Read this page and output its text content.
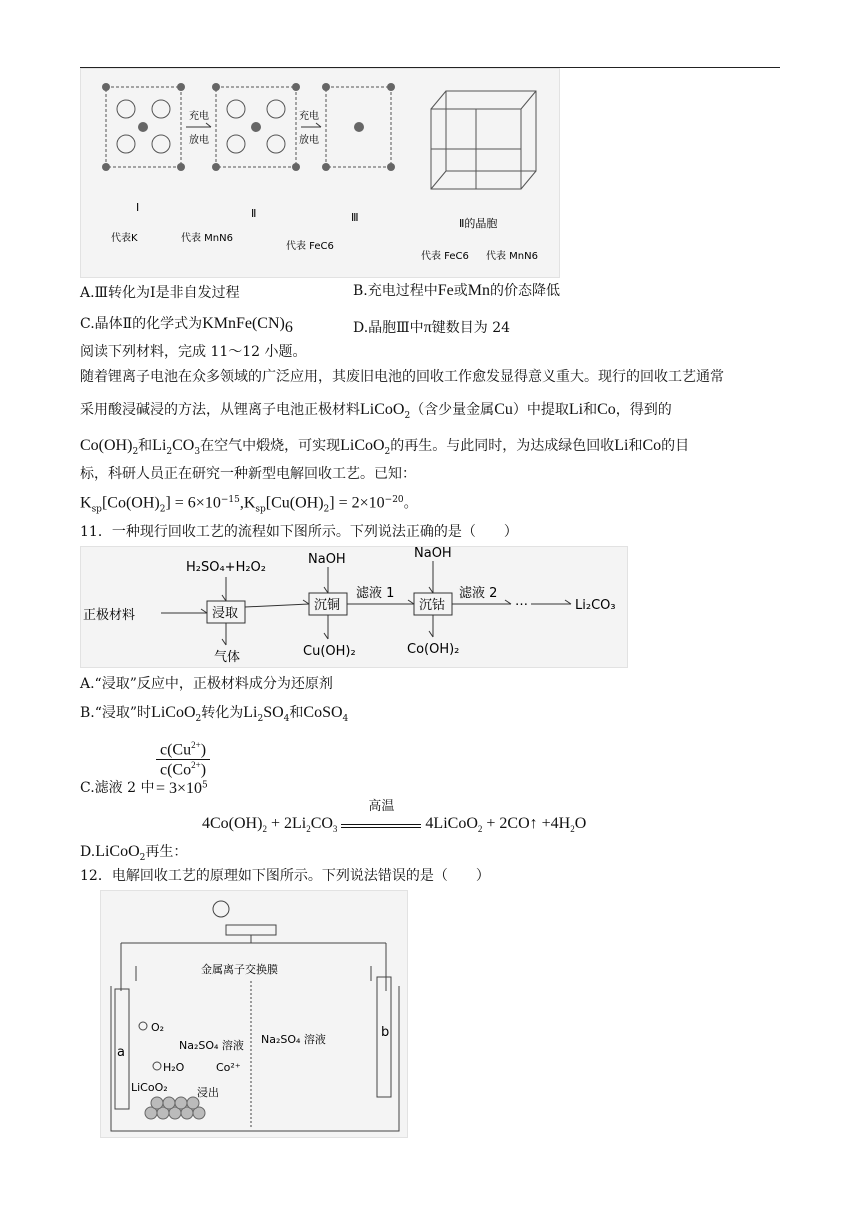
充电
放电
充电
放电
Ⅰ	Ⅱ	Ⅲ	Ⅱ的晶胞
代表K	代表 MnN6
代表 FeC6
代表 FeC6 代表 MnN6
A.Ⅲ转化为Ⅰ是非自发过程	B.充电过程中Fe或Mn的价态降低
C.晶体Ⅱ的化学式为$KMnFe(CN)_6$	D.晶胞Ⅲ中π键数目为 24
阅读下列材料，完成 11～12 小题。
随着锂离子电池在众多领域的广泛应用，其废旧电池的回收工作愈发显得意义重大。现行的回收工艺通常
采用酸浸碱浸的方法，从锂离子电池正极材料LiCoO$_2$（含少量金属Cu）中提取Li和Co，得到的
$Co(OH)_2$和$Li_2CO_3$在空气中煅烧，可实现LiCoO$_2$的再生。与此同时，为达成绿色回收Li和Co的目
标，科研人员正在研究一种新型电解回收工艺。已知：
$K_{sp}[Co(OH)_2] = 6\times 10^{-15},K_{sp}[Cu(OH)_2] = 2\times 10^{-20}$。
11．一种现行回收工艺的流程如下图所示。下列说法正确的是（　　）
正极材料
H₂SO₄+H₂O₂
浸取
气体
NaOH
沉铜
Cu(OH)₂
滤液 1
NaOH
沉钴
Co(OH)₂
滤液 2
…	Li₂CO₃
A.“浸取”反应中，正极材料成分为还原剂
B.“浸取”时LiCoO$_2$转化为$Li_2SO_4$和CoSO$_4$
C.滤液 2 中
$\frac{c(Cu^{2+})}{c(Co^{2+})}$
= $3\times 10^5$
$4Co(OH)_2 + 2Li_2CO_3$
高温
4LiCoO$_2$ + 2CO↑ $+4H_2O$
D.LiCoO$_2$再生：
12．电解回收工艺的原理如下图所示。下列说法错误的是（　　）
金属离子交换膜
Na₂SO₄ 溶液 Na₂SO₄ 溶液
a
b
O₂
H₂O
LiCoO₂	浸出
Co²⁺
